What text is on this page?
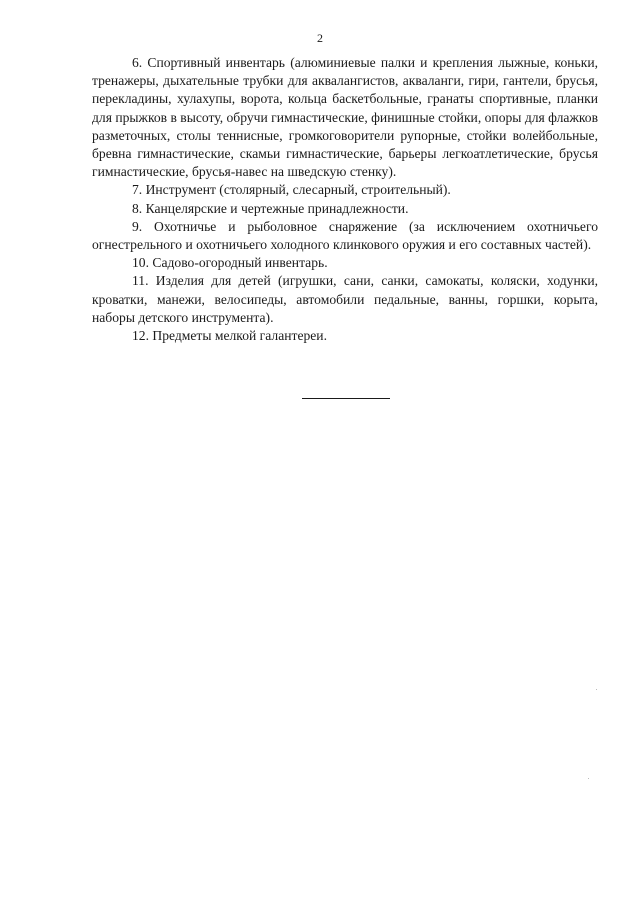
2

6. Спортивный инвентарь (алюминиевые палки и крепления лыжные, коньки, тренажеры, дыхательные трубки для аквалангистов, акваланги, гири, гантели, брусья, перекладины, хулахупы, ворота, кольца баскетбольные, гранаты спортивные, планки для прыжков в высоту, обручи гимнастические, финишные стойки, опоры для флажков разметочных, столы теннисные, громкоговорители рупорные, стойки волейбольные, бревна гимнастические, скамьи гимнастические, барьеры легкоатлетические, брусья гимнастические, брусья-навес на шведскую стенку).

7. Инструмент (столярный, слесарный, строительный).

8. Канцелярские и чертежные принадлежности.

9. Охотничье и рыболовное снаряжение (за исключением охотничьего огнестрельного и охотничьего холодного клинкового оружия и его составных частей).

10. Садово-огородный инвентарь.

11. Изделия для детей (игрушки, сани, санки, самокаты, коляски, ходунки, кроватки, манежи, велосипеды, автомобили педальные, ванны, горшки, корыта, наборы детского инструмента).

12. Предметы мелкой галантереи.
